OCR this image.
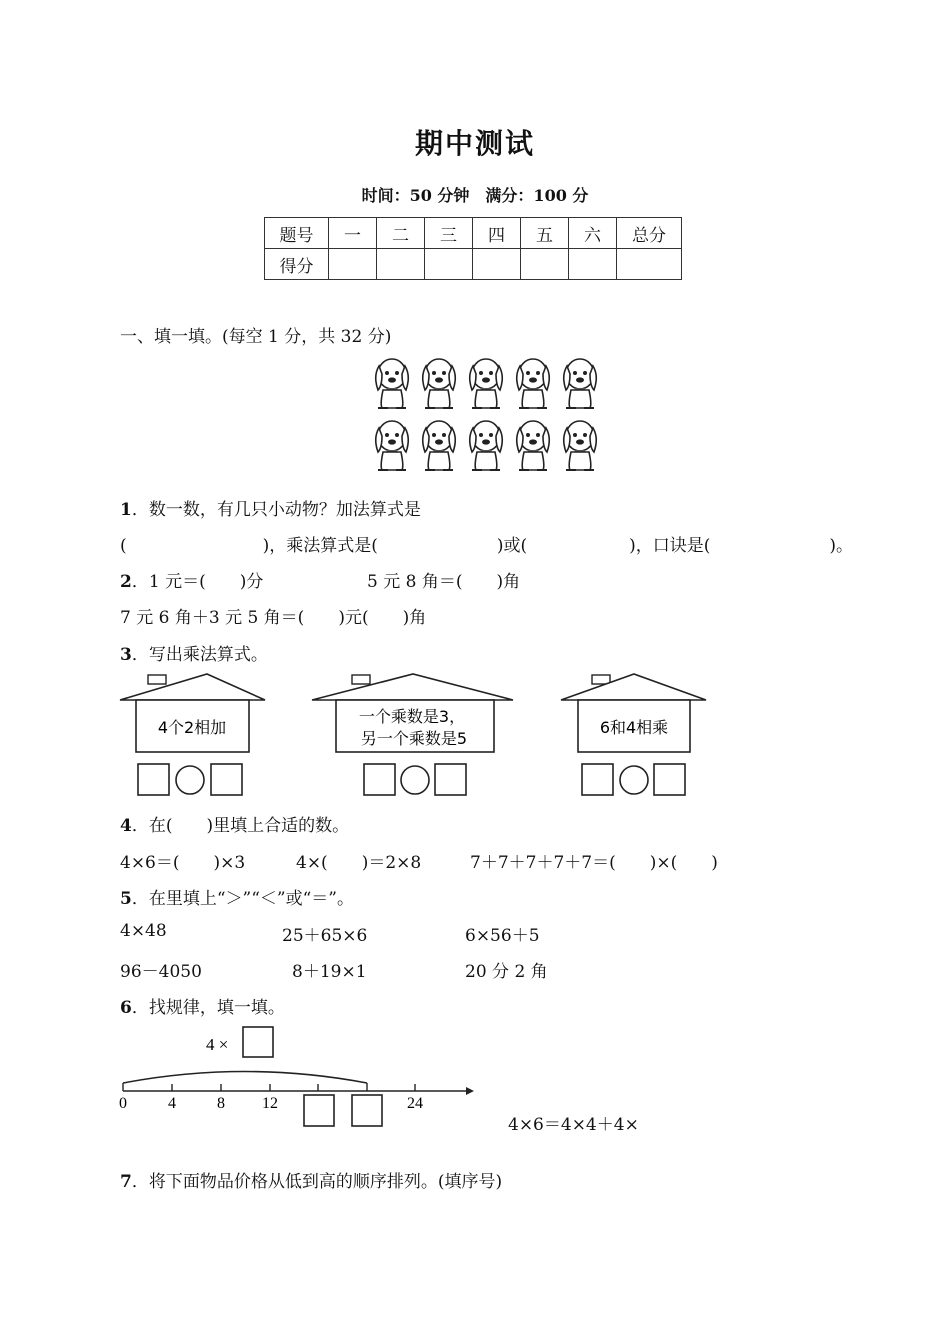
期中测试
时间：50 分钟　满分：100 分
题号	一	二	三	四	五	六	总分
得分							
一、填一填。(每空 1 分，共 32 分)
1．数一数，有几只小动物？加法算式是
(　　　　　　　　)，乘法算式是(　　　　　　　)或(　　　　　　)，口诀是(　　　　　　　)。
2．1 元＝(　　)分	5 元 8 角＝(　　)角
7 元 6 角＋3 元 5 角＝(　　)元(　　)角
3．写出乘法算式。
4个2相加
一个乘数是3，
另一个乘数是5
6和4相乘
4．在(　　)里填上合适的数。
4×6＝(　　)×3	4×(　　)＝2×8	7＋7＋7＋7＋7＝(　　)×(　　)
5．在里填上“＞”“＜”或“＝”。
4×48	25＋65×6	6×56＋5
96－4050	8＋19×1	20 分 2 角
6．找规律，填一填。
4 ×
0	4	8 12	24
4×6＝4×4＋4×
7．将下面物品价格从低到高的顺序排列。(填序号)
